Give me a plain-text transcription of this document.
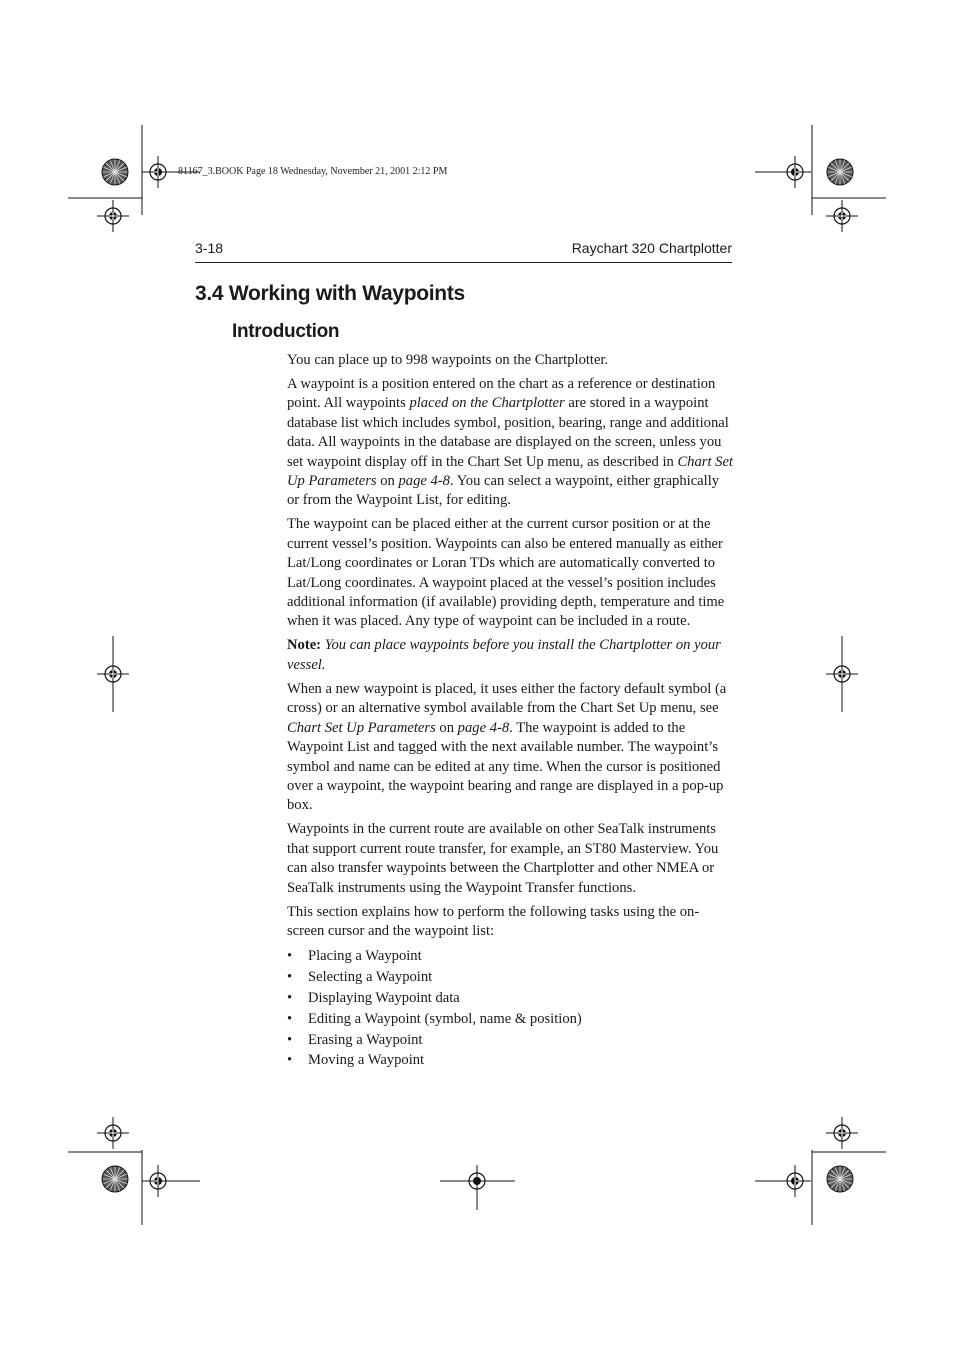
81167_3.BOOK Page 18 Wednesday, November 21, 2001 2:12 PM
3-18	Raychart 320 Chartplotter
3.4 Working with Waypoints
Introduction

You can place up to 998 waypoints on the Chartplotter.

A waypoint is a position entered on the chart as a reference or destination point. All waypoints placed on the Chartplotter are stored in a waypoint database list which includes symbol, position, bearing, range and additional data. All waypoints in the database are displayed on the screen, unless you set waypoint display off in the Chart Set Up menu, as described in Chart Set Up Parameters on page 4-8. You can select a waypoint, either graphically or from the Waypoint List, for editing.

The waypoint can be placed either at the current cursor position or at the current vessel’s position. Waypoints can also be entered manually as either Lat/Long coordinates or Loran TDs which are automatically converted to Lat/Long coordinates. A waypoint placed at the vessel’s position includes additional information (if available) providing depth, temperature and time when it was placed. Any type of waypoint can be included in a route.

Note: You can place waypoints before you install the Chartplotter on your vessel.

When a new waypoint is placed, it uses either the factory default symbol (a cross) or an alternative symbol available from the Chart Set Up menu, see Chart Set Up Parameters on page 4-8. The waypoint is added to the Waypoint List and tagged with the next available number. The waypoint’s symbol and name can be edited at any time. When the cursor is positioned over a waypoint, the waypoint bearing and range are displayed in a pop-up box.

Waypoints in the current route are available on other SeaTalk instruments that support current route transfer, for example, an ST80 Masterview. You can also transfer waypoints between the Chartplotter and other NMEA or SeaTalk instruments using the Waypoint Transfer functions.

This section explains how to perform the following tasks using the on-screen cursor and the waypoint list:

• Placing a Waypoint
• Selecting a Waypoint
• Displaying Waypoint data
• Editing a Waypoint (symbol, name & position)
• Erasing a Waypoint
• Moving a Waypoint
